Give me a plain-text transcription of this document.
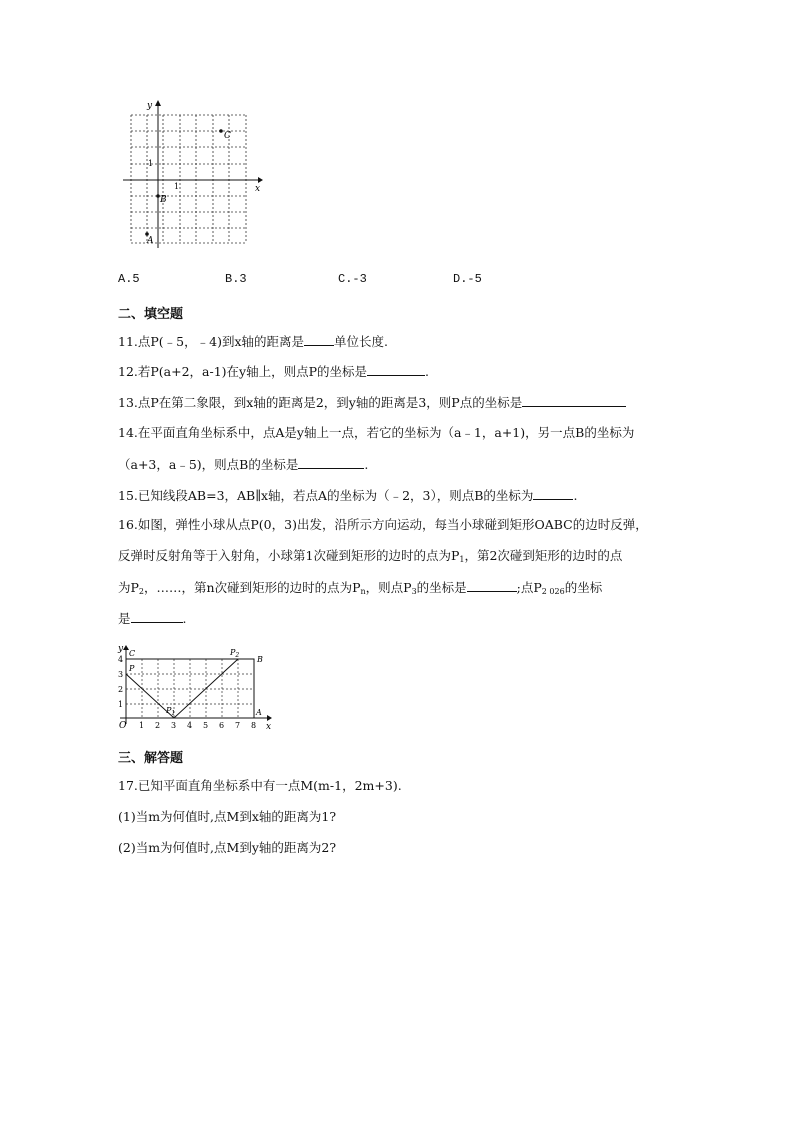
x
y
1
1
C
B
A
A.5	B.3	C.-3	D.-5
二、填空题
11.点P(﹣5，﹣4)到x轴的距离是 单位长度.
12.若P(a+2，a-1)在y轴上，则点P的坐标是	.
13.点P在第二象限，到x轴的距离是2，到y轴的距离是3，则P点的坐标是
14.在平面直角坐标系中，点A是y轴上一点，若它的坐标为（a﹣1，a+1)，另一点B的坐标为
（a+3，a﹣5)，则点B的坐标是	.
15.已知线段AB=3，AB∥x轴，若点A的坐标为（﹣2，3），则点B的坐标为	.
16.如图，弹性小球从点P(0，3)出发，沿所示方向运动，每当小球碰到矩形OABC的边时反弹，
反弹时反射角等于入射角，小球第1次碰到矩形的边时的点为$P_1$，第2次碰到矩形的边时的点
为$P_2$，……，第n次碰到矩形的边时的点为$P_n$，则点$P_3$的坐标是	;点$P_{2 026}$的坐标
是	.
x
y
O 1 2 3 4 5 6 7 8
1
2
3
4
C
B
A
P
$P_1$
$P_2$
三、解答题
17.已知平面直角坐标系中有一点M(m-1，2m+3).
(1)当m为何值时,点M到x轴的距离为1?
(2)当m为何值时,点M到y轴的距离为2?
